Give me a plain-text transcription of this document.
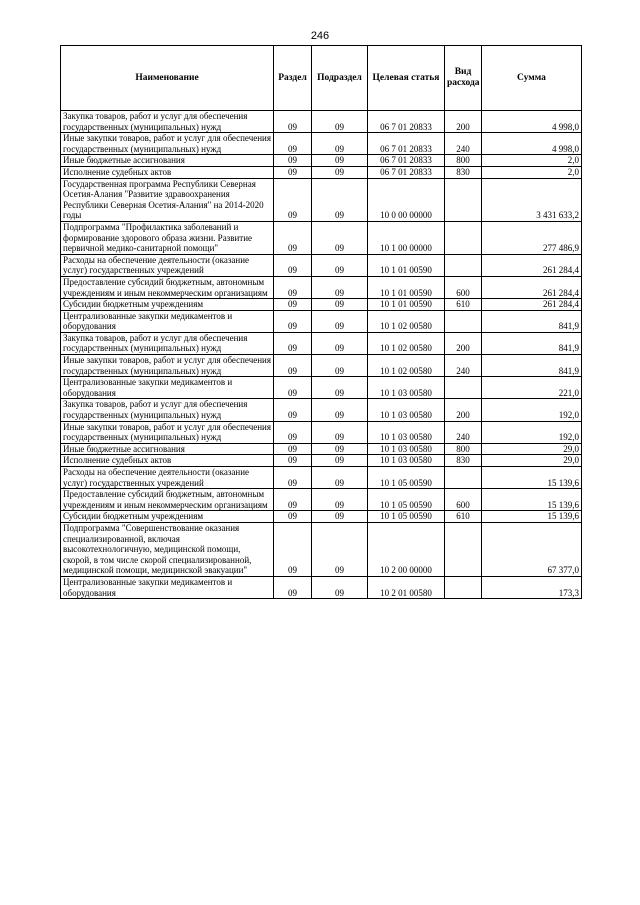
246
Наименование	Раздел	Подраздел	Целевая статья	Вид расхода	Сумма
Закупка товаров, работ и услуг для обеспечения государственных (муниципальных) нужд	09	09	06 7 01 20833	200	4 998,0
Иные закупки товаров, работ и услуг для обеспечения государственных (муниципальных) нужд	09	09	06 7 01 20833	240	4 998,0
Иные бюджетные ассигнования	09	09	06 7 01 20833	800	2,0
Исполнение судебных актов	09	09	06 7 01 20833	830	2,0
Государственная программа Республики Северная Осетия-Алания "Развитие здравоохранения Республики Северная Осетия-Алания" на 2014-2020 годы	09	09	10 0 00 00000		3 431 633,2
Подпрограмма "Профилактика заболеваний и формирование здорового образа жизни. Развитие первичной медико-санитарной помощи"	09	09	10 1 00 00000		277 486,9
Расходы на обеспечение деятельности (оказание услуг) государственных учреждений	09	09	10 1 01 00590		261 284,4
Предоставление субсидий бюджетным, автономным учреждениям и иным некоммерческим организациям	09	09	10 1 01 00590	600	261 284,4
Субсидии бюджетным учреждениям	09	09	10 1 01 00590	610	261 284,4
Централизованные закупки медикаментов и оборудования	09	09	10 1 02 00580		841,9
Закупка товаров, работ и услуг для обеспечения государственных (муниципальных) нужд	09	09	10 1 02 00580	200	841,9
Иные закупки товаров, работ и услуг для обеспечения государственных (муниципальных) нужд	09	09	10 1 02 00580	240	841,9
Централизованные закупки медикаментов и оборудования	09	09	10 1 03 00580		221,0
Закупка товаров, работ и услуг для обеспечения государственных (муниципальных) нужд	09	09	10 1 03 00580	200	192,0
Иные закупки товаров, работ и услуг для обеспечения государственных (муниципальных) нужд	09	09	10 1 03 00580	240	192,0
Иные бюджетные ассигнования	09	09	10 1 03 00580	800	29,0
Исполнение судебных актов	09	09	10 1 03 00580	830	29,0
Расходы на обеспечение деятельности (оказание услуг) государственных учреждений	09	09	10 1 05 00590		15 139,6
Предоставление субсидий бюджетным, автономным учреждениям и иным некоммерческим организациям	09	09	10 1 05 00590	600	15 139,6
Субсидии бюджетным учреждениям	09	09	10 1 05 00590	610	15 139,6
Подпрограмма "Совершенствование оказания специализированной, включая высокотехнологичную, медицинской помощи, скорой, в том числе скорой специализированной, медицинской помощи, медицинской эвакуации"	09	09	10 2 00 00000		67 377,0
Централизованные закупки медикаментов и оборудования	09	09	10 2 01 00580		173,3
